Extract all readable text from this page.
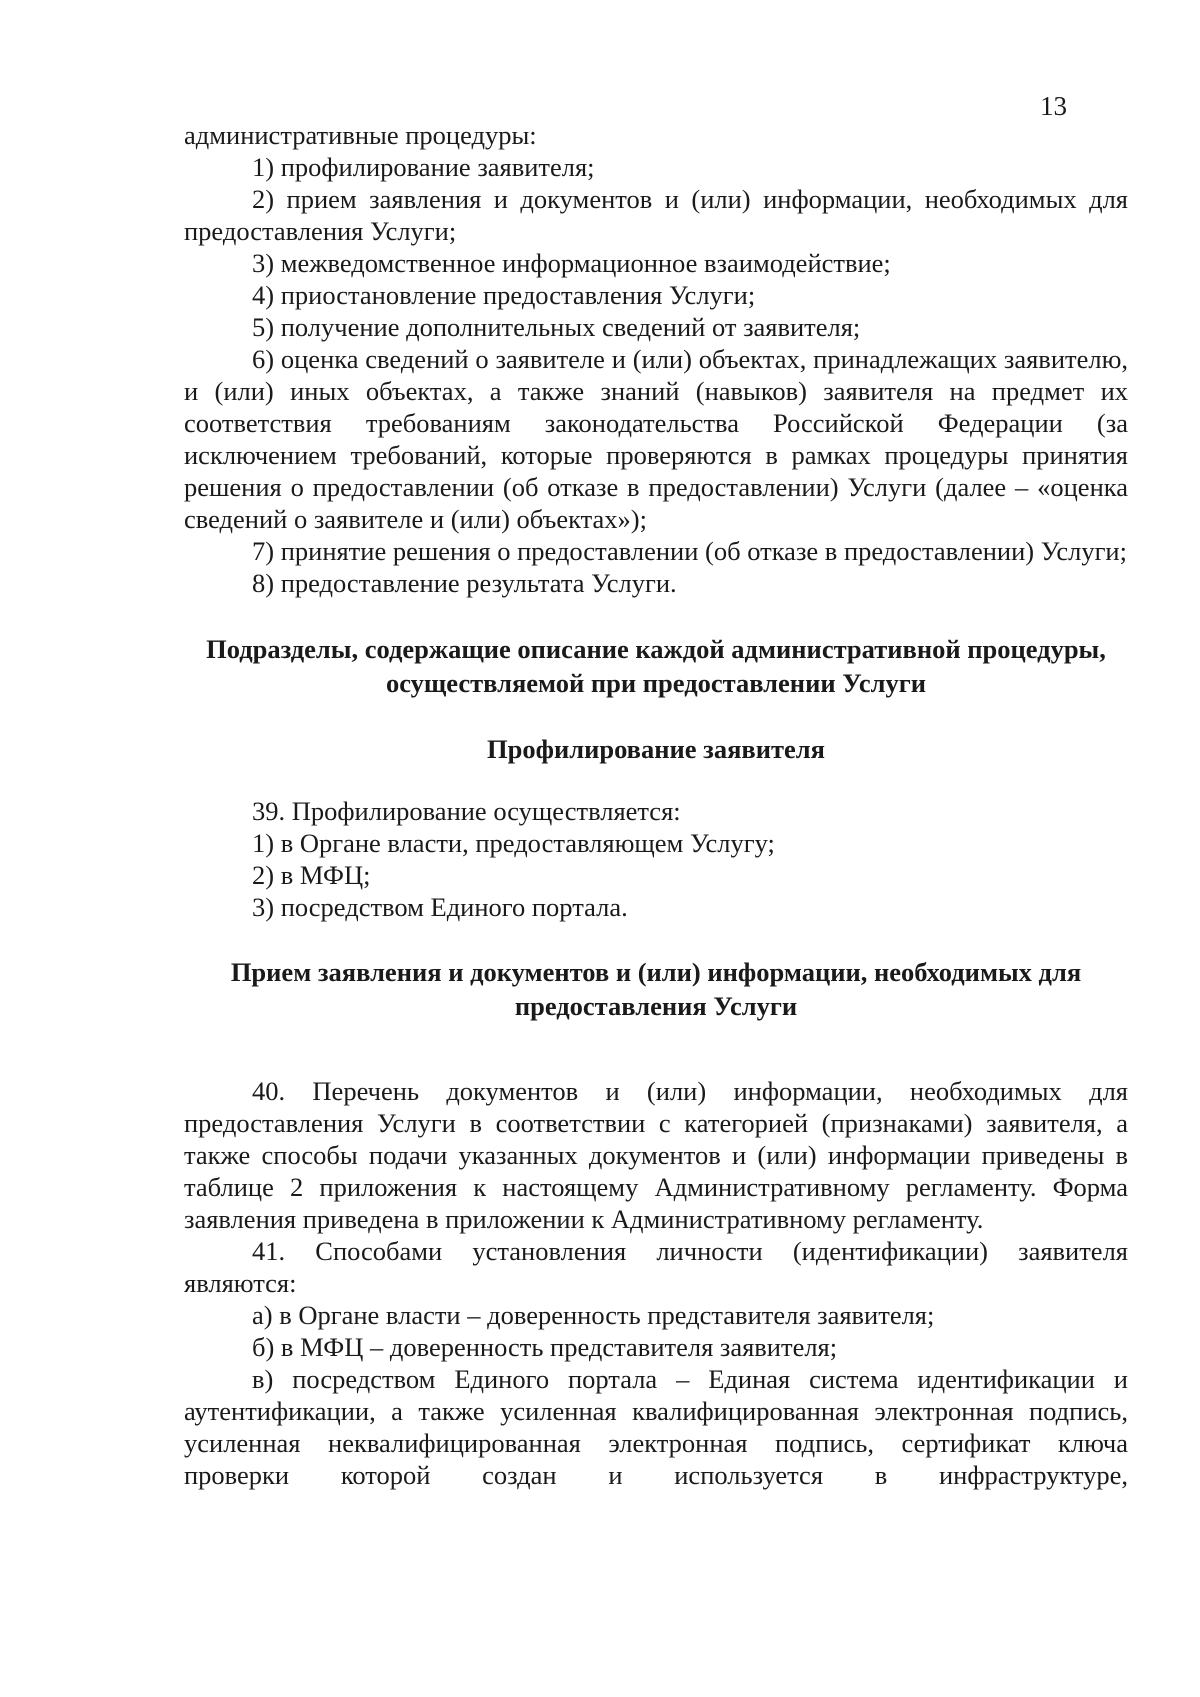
13

административные процедуры:

1) профилирование заявителя;

2) прием заявления и документов и (или) информации, необходимых для предоставления Услуги;

3) межведомственное информационное взаимодействие;

4) приостановление предоставления Услуги;

5) получение дополнительных сведений от заявителя;

6) оценка сведений о заявителе и (или) объектах, принадлежащих заявителю, и (или) иных объектах, а также знаний (навыков) заявителя на предмет их соответствия требованиям законодательства Российской Федерации (за исключением требований, которые проверяются в рамках процедуры принятия решения о предоставлении (об отказе в предоставлении) Услуги (далее – «оценка сведений о заявителе и (или) объектах»);

7) принятие решения о предоставлении (об отказе в предоставлении) Услуги;

8) предоставление результата Услуги.

Подразделы, содержащие описание каждой административной процедуры, осуществляемой при предоставлении Услуги
Профилирование заявителя

39. Профилирование осуществляется:

1) в Органе власти, предоставляющем Услугу;

2) в МФЦ;

3) посредством Единого портала.

Прием заявления и документов и (или) информации, необходимых для предоставления Услуги

40. Перечень документов и (или) информации, необходимых для предоставления Услуги в соответствии с категорией (признаками) заявителя, а также способы подачи указанных документов и (или) информации приведены в таблице 2 приложения к настоящему Административному регламенту. Форма заявления приведена в приложении к Административному регламенту.

41. Способами установления личности (идентификации) заявителя являются:

а) в Органе власти – доверенность представителя заявителя;

б) в МФЦ – доверенность представителя заявителя;

в) посредством Единого портала – Единая система идентификации и аутентификации, а также усиленная квалифицированная электронная подпись, усиленная неквалифицированная электронная подпись, сертификат ключа проверки которой создан и используется в инфраструктуре,
